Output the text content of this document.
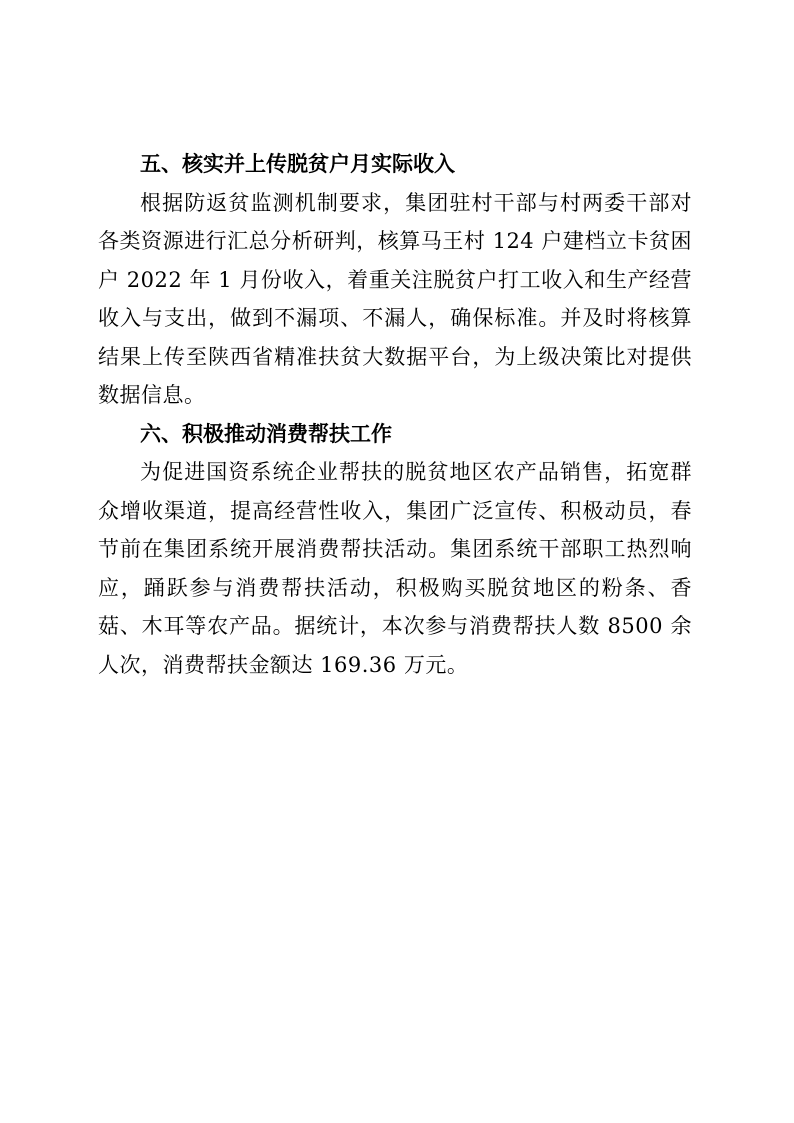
五、核实并上传脱贫户月实际收入

根据防返贫监测机制要求，集团驻村干部与村两委干部对各类资源进行汇总分析研判，核算马王村 124 户建档立卡贫困户 2022 年 1 月份收入，着重关注脱贫户打工收入和生产经营收入与支出，做到不漏项、不漏人，确保标准。并及时将核算结果上传至陕西省精准扶贫大数据平台，为上级决策比对提供数据信息。

六、积极推动消费帮扶工作

为促进国资系统企业帮扶的脱贫地区农产品销售，拓宽群众增收渠道，提高经营性收入，集团广泛宣传、积极动员，春节前在集团系统开展消费帮扶活动。集团系统干部职工热烈响应，踊跃参与消费帮扶活动，积极购买脱贫地区的粉条、香菇、木耳等农产品。据统计，本次参与消费帮扶人数 8500 余人次，消费帮扶金额达 169.36 万元。
